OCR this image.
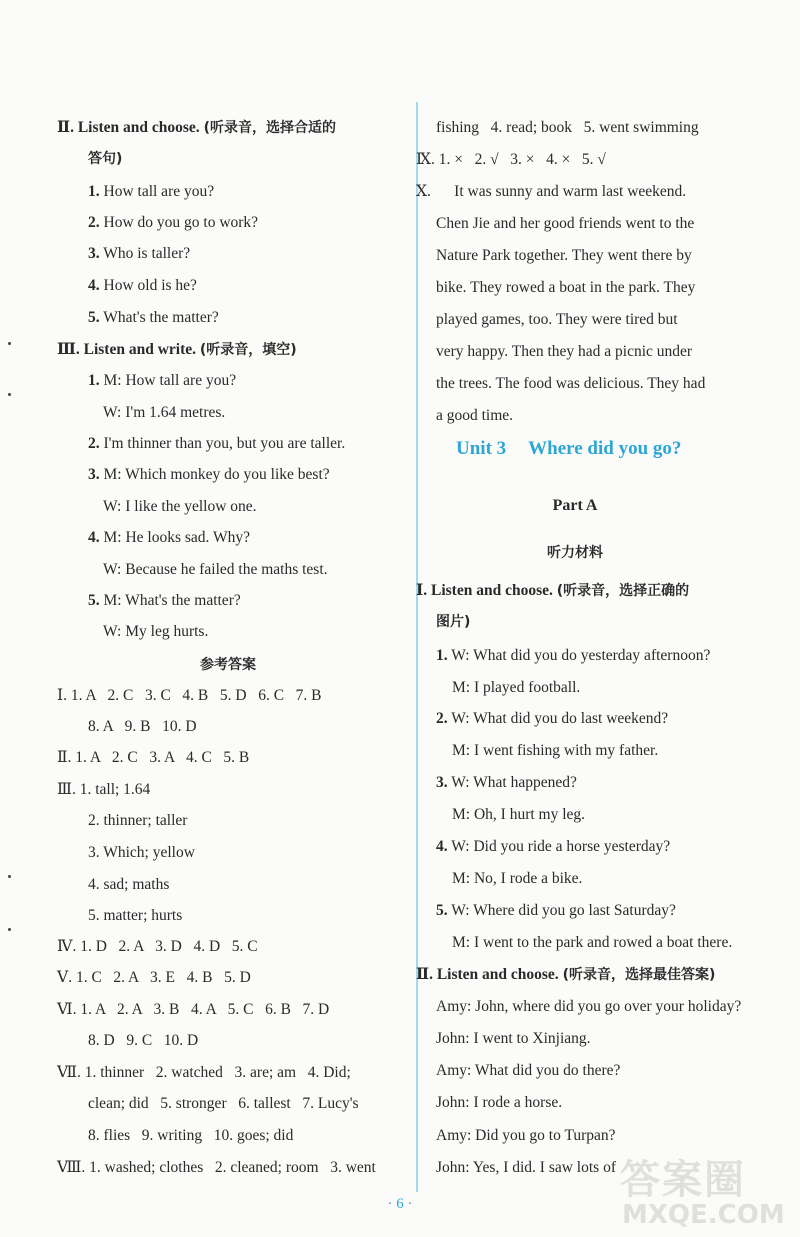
Ⅱ. Listen and choose. (听录音，选择合适的
答句)
1. How tall are you?
2. How do you go to work?
3. Who is taller?
4. How old is he?
5. What's the matter?
Ⅲ. Listen and write. (听录音，填空)
1. M: How tall are you?
W: I'm 1.64 metres.
2. I'm thinner than you, but you are taller.
3. M: Which monkey do you like best?
W: I like the yellow one.
4. M: He looks sad. Why?
W: Because he failed the maths test.
5. M: What's the matter?
W: My leg hurts.
参考答案
Ⅰ. 1. A   2. C   3. C   4. B   5. D   6. C   7. B
8. A   9. B   10. D
Ⅱ. 1. A   2. C   3. A   4. C   5. B
Ⅲ. 1. tall; 1.64
2. thinner; taller
3. Which; yellow
4. sad; maths
5. matter; hurts
Ⅳ. 1. D   2. A   3. D   4. D   5. C
Ⅴ. 1. C   2. A   3. E   4. B   5. D
Ⅵ. 1. A   2. A   3. B   4. A   5. C   6. B   7. D
8. D   9. C   10. D
Ⅶ. 1. thinner   2. watched   3. are; am   4. Did;
clean; did   5. stronger   6. tallest   7. Lucy's
8. flies   9. writing   10. goes; did
Ⅷ. 1. washed; clothes   2. cleaned; room   3. went
fishing   4. read; book   5. went swimming
Ⅸ. 1. ×   2. √   3. ×   4. ×   5. √
Ⅹ.      It was sunny and warm last weekend.
Chen Jie and her good friends went to the
Nature Park together. They went there by
bike. They rowed a boat in the park. They
played games, too. They were tired but
very happy. Then they had a picnic under
the trees. The food was delicious. They had
a good time.
Ⅰ. Listen and choose. (听录音，选择正确的
图片)
1. W: What did you do yesterday afternoon?
M: I played football.
2. W: What did you do last weekend?
M: I went fishing with my father.
3. W: What happened?
M: Oh, I hurt my leg.
4. W: Did you ride a horse yesterday?
M: No, I rode a bike.
5. W: Where did you go last Saturday?
M: I went to the park and rowed a boat there.
Ⅱ. Listen and choose. (听录音，选择最佳答案)
Amy: John, where did you go over your holiday?
John: I went to Xinjiang.
Amy: What did you do there?
John: I rode a horse.
Amy: Did you go to Turpan?
John: Yes, I did. I saw lots of
Unit 3 Where did you go?
Part A
听力材料
· 6 ·
答案圈
MXQE.COM
